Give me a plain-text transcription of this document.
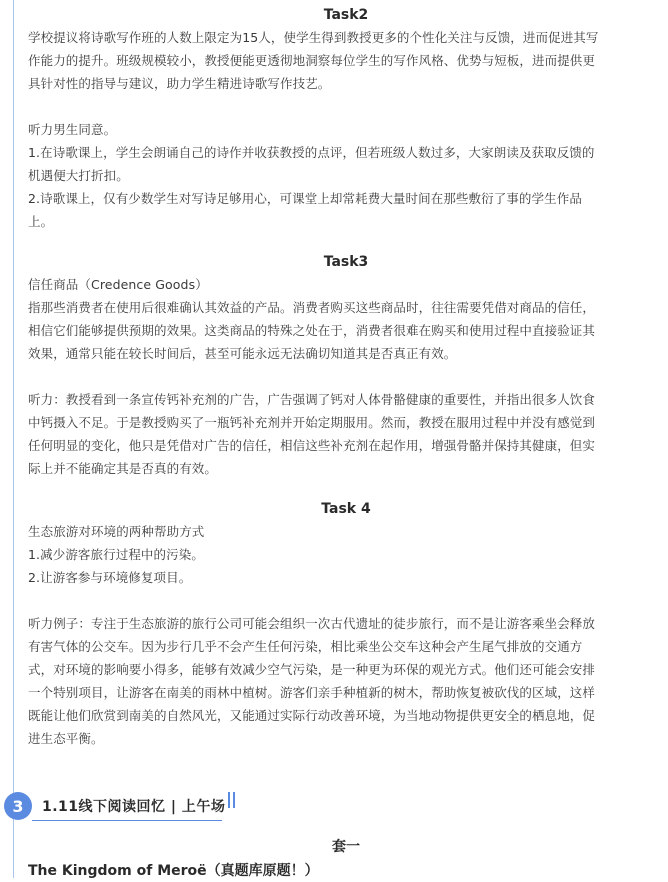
Task2

学校提议将诗歌写作班的人数上限定为15人，使学生得到教授更多的个性化关注与反馈，进而促进其写

作能力的提升。班级规模较小，教授便能更透彻地洞察每位学生的写作风格、优势与短板，进而提供更

具针对性的指导与建议，助力学生精进诗歌写作技艺。

听力男生同意。

1.在诗歌课上，学生会朗诵自己的诗作并收获教授的点评，但若班级人数过多，大家朗读及获取反馈的

机遇便大打折扣。

2.诗歌课上，仅有少数学生对写诗足够用心，可课堂上却常耗费大量时间在那些敷衍了事的学生作品

上。

Task3

信任商品（Credence Goods）

指那些消费者在使用后很难确认其效益的产品。消费者购买这些商品时，往往需要凭借对商品的信任，

相信它们能够提供预期的效果。这类商品的特殊之处在于，消费者很难在购买和使用过程中直接验证其

效果，通常只能在较长时间后，甚至可能永远无法确切知道其是否真正有效。

听力：教授看到一条宣传钙补充剂的广告，广告强调了钙对人体骨骼健康的重要性，并指出很多人饮食

中钙摄入不足。于是教授购买了一瓶钙补充剂并开始定期服用。然而，教授在服用过程中并没有感觉到

任何明显的变化，他只是凭借对广告的信任，相信这些补充剂在起作用，增强骨骼并保持其健康，但实

际上并不能确定其是否真的有效。

Task 4

生态旅游对环境的两种帮助方式

1.减少游客旅行过程中的污染。

2.让游客参与环境修复项目。

听力例子：专注于生态旅游的旅行公司可能会组织一次古代遗址的徒步旅行，而不是让游客乘坐会释放

有害气体的公交车。因为步行几乎不会产生任何污染，相比乘坐公交车这种会产生尾气排放的交通方

式，对环境的影响要小得多，能够有效减少空气污染，是一种更为环保的观光方式。他们还可能会安排

一个特别项目，让游客在南美的雨林中植树。游客们亲手种植新的树木，帮助恢复被砍伐的区域，这样

既能让他们欣赏到南美的自然风光，又能通过实际行动改善环境，为当地动物提供更安全的栖息地，促

进生态平衡。

3	1.11线下阅读回忆 | 上午场
套一

The Kingdom of Meroë（真题库原题！）
